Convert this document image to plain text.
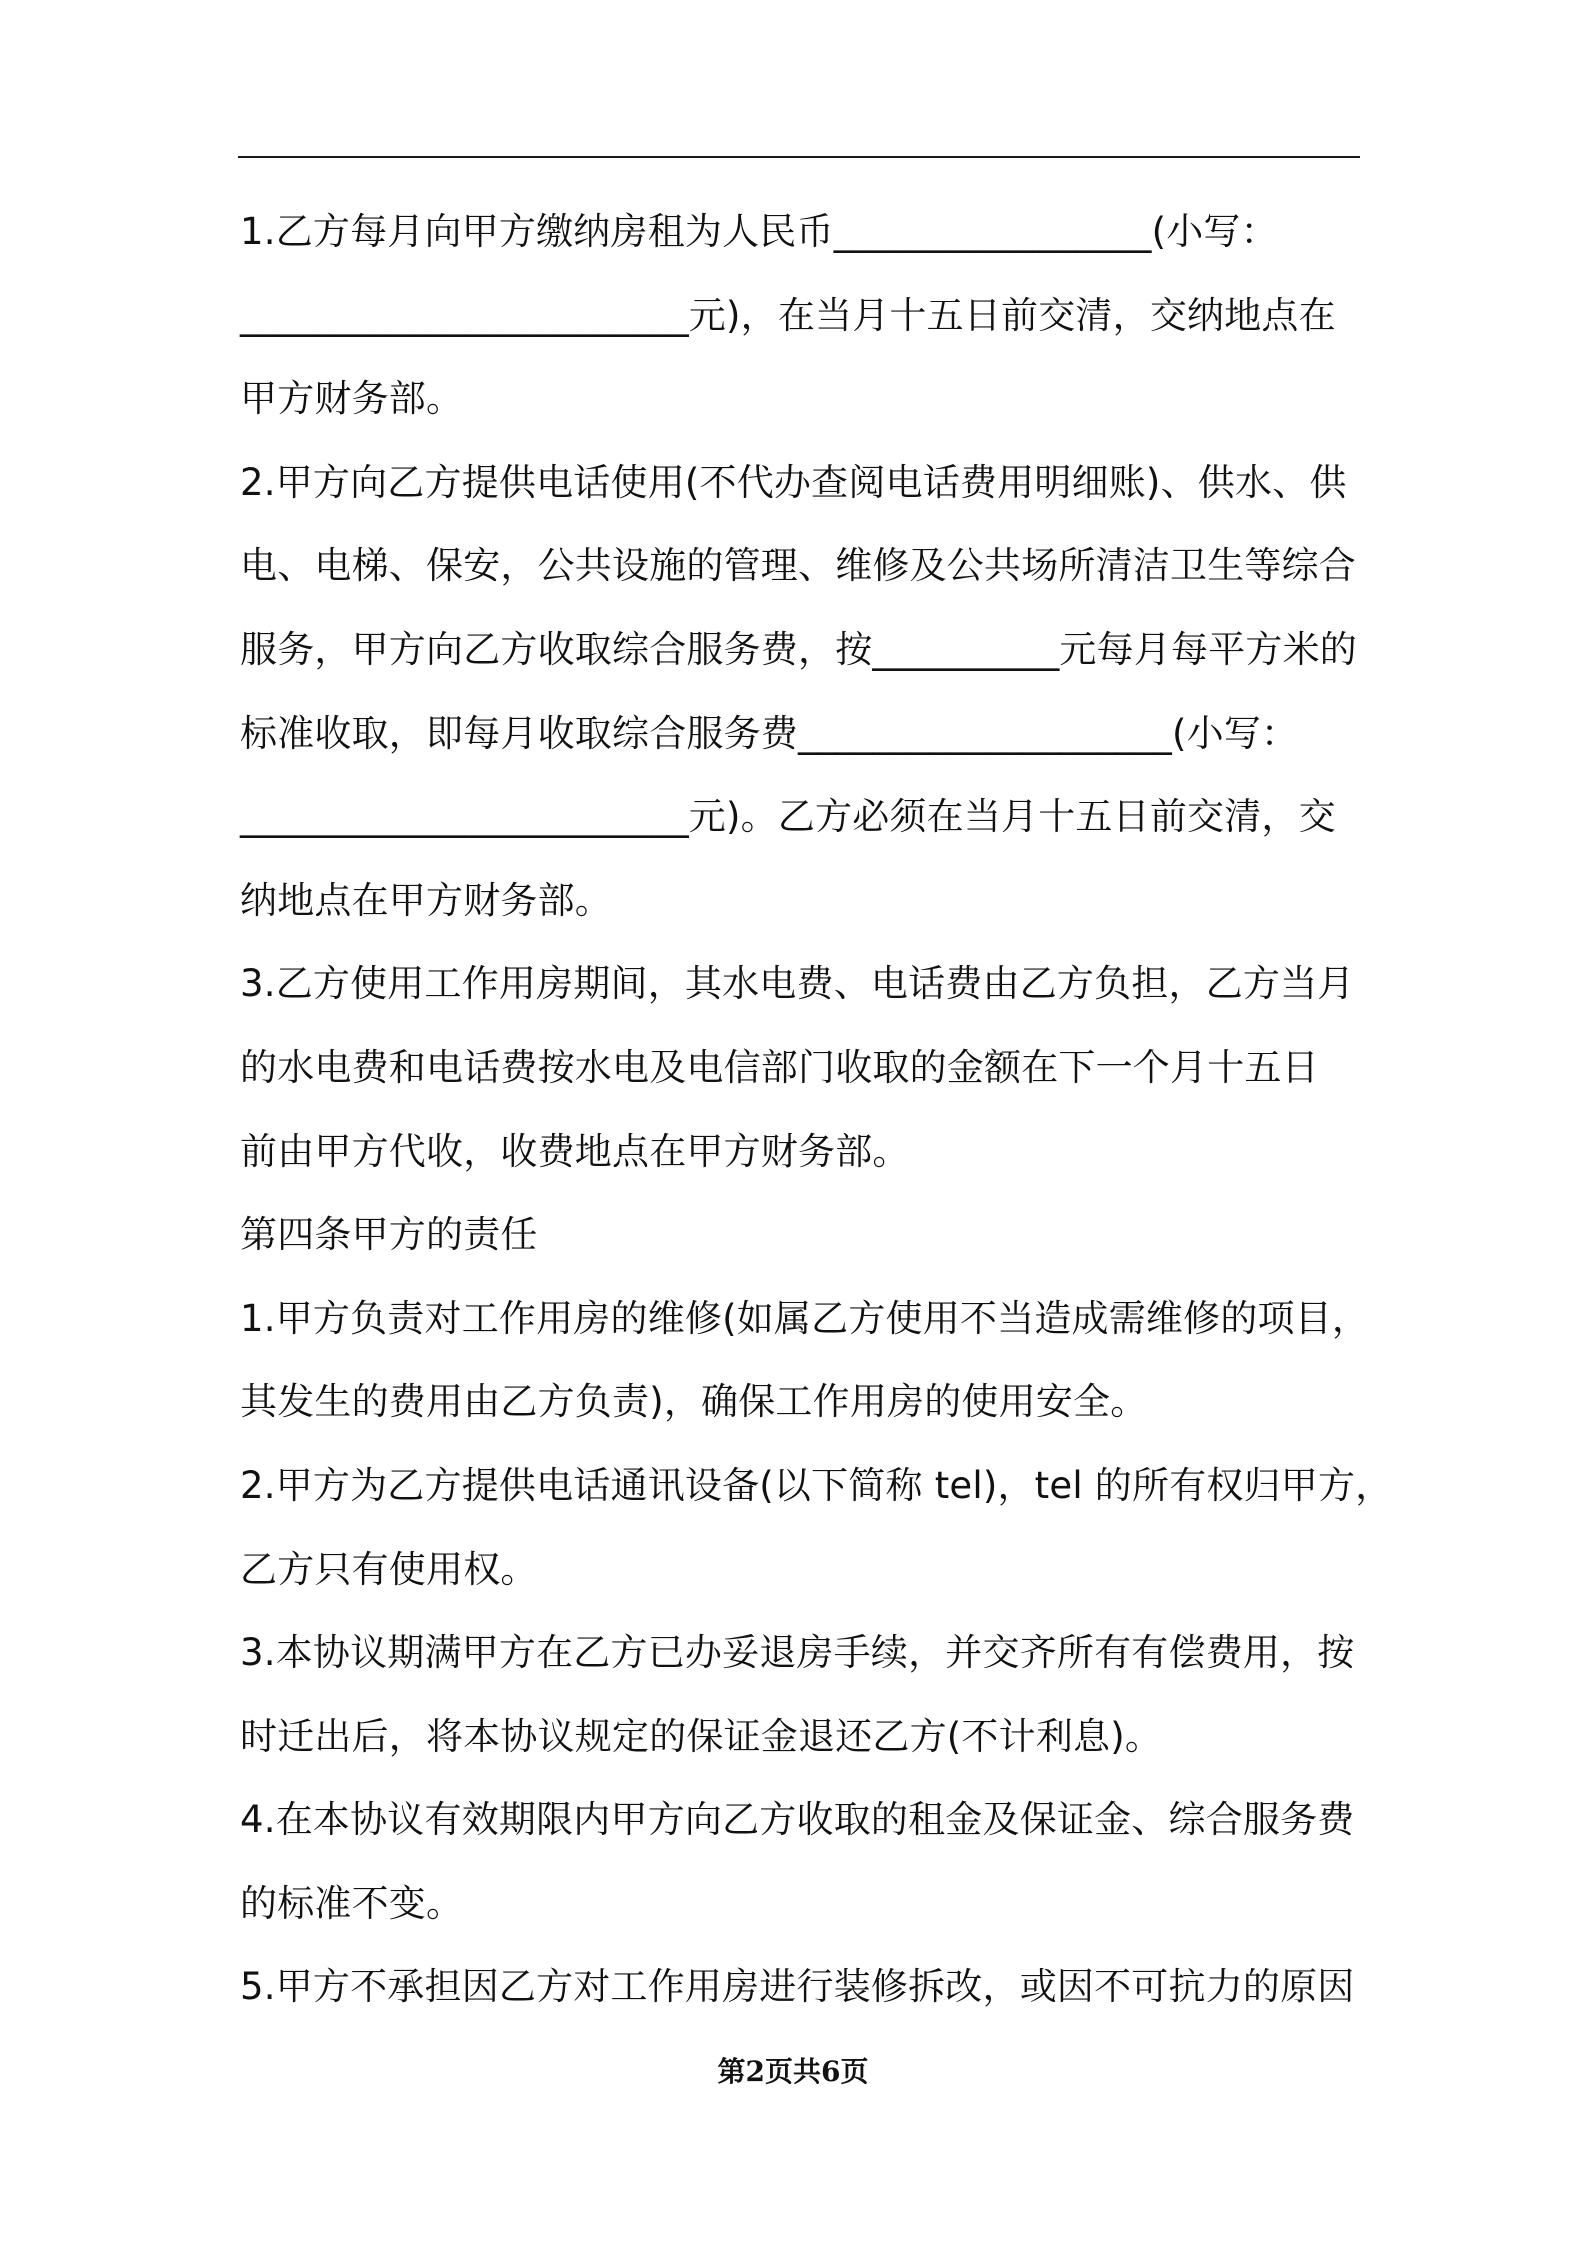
1.乙方每月向甲方缴纳房租为人民币_________________(小写：
________________________元)，在当月十五日前交清，交纳地点在
甲方财务部。
2.甲方向乙方提供电话使用(不代办查阅电话费用明细账)、供水、供
电、电梯、保安，公共设施的管理、维修及公共场所清洁卫生等综合
服务，甲方向乙方收取综合服务费，按__________元每月每平方米的
标准收取，即每月收取综合服务费____________________(小写：
________________________元)。乙方必须在当月十五日前交清，交
纳地点在甲方财务部。
3.乙方使用工作用房期间，其水电费、电话费由乙方负担，乙方当月
的水电费和电话费按水电及电信部门收取的金额在下一个月十五日
前由甲方代收，收费地点在甲方财务部。
第四条甲方的责任
1.甲方负责对工作用房的维修(如属乙方使用不当造成需维修的项目，
其发生的费用由乙方负责)，确保工作用房的使用安全。
2.甲方为乙方提供电话通讯设备(以下简称 tel)，tel 的所有权归甲方，
乙方只有使用权。
3.本协议期满甲方在乙方已办妥退房手续，并交齐所有有偿费用，按
时迁出后，将本协议规定的保证金退还乙方(不计利息)。
4.在本协议有效期限内甲方向乙方收取的租金及保证金、综合服务费
的标准不变。
5.甲方不承担因乙方对工作用房进行装修拆改，或因不可抗力的原因
第2页共6页
